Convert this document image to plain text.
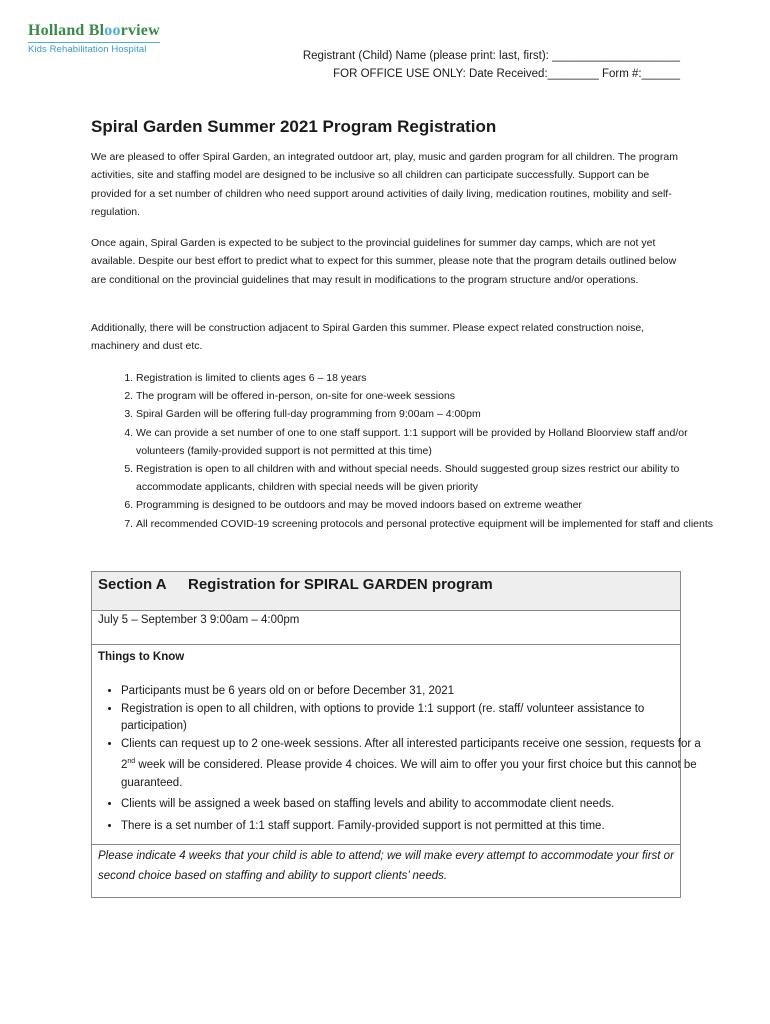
Holland Bloorview
Kids Rehabilitation Hospital
Registrant (Child) Name (please print: last, first): ____________________
FOR OFFICE USE ONLY: Date Received:________ Form #:______
Spiral Garden Summer 2021 Program Registration

We are pleased to offer Spiral Garden, an integrated outdoor art, play, music and garden program for all children. The program activities, site and staffing model are designed to be inclusive so all children can participate successfully. Support can be provided for a set number of children who need support around activities of daily living, medication routines, mobility and self-regulation.

Once again, Spiral Garden is expected to be subject to the provincial guidelines for summer day camps, which are not yet available. Despite our best effort to predict what to expect for this summer, please note that the program details outlined below are conditional on the provincial guidelines that may result in modifications to the program structure and/or operations.

Additionally, there will be construction adjacent to Spiral Garden this summer. Please expect related construction noise, machinery and dust etc.

1. Registration is limited to clients ages 6 – 18 years
2. The program will be offered in-person, on-site for one-week sessions
3. Spiral Garden will be offering full-day programming from 9:00am – 4:00pm
4. We can provide a set number of one to one staff support. 1:1 support will be provided by Holland Bloorview staff and/or volunteers (family-provided support is not permitted at this time)
5. Registration is open to all children with and without special needs. Should suggested group sizes restrict our ability to accommodate applicants, children with special needs will be given priority
6. Programming is designed to be outdoors and may be moved indoors based on extreme weather
7. All recommended COVID-19 screening protocols and personal protective equipment will be implemented for staff and clients
Section A Registration for SPIRAL GARDEN program
July 5 – September 3 9:00am – 4:00pm
Things to Know
• Participants must be 6 years old on or before December 31, 2021
• Registration is open to all children, with options to provide 1:1 support (re. staff/ volunteer assistance to participation)
• Clients can request up to 2 one-week sessions. After all interested participants receive one session, requests for a 2nd week will be considered. Please provide 4 choices. We will aim to offer you your first choice but this cannot be guaranteed.
• Clients will be assigned a week based on staffing levels and ability to accommodate client needs.
• There is a set number of 1:1 staff support. Family-provided support is not permitted at this time.

Please indicate 4 weeks that your child is able to attend; we will make every attempt to accommodate your first or second choice based on staffing and ability to support clients’ needs.
